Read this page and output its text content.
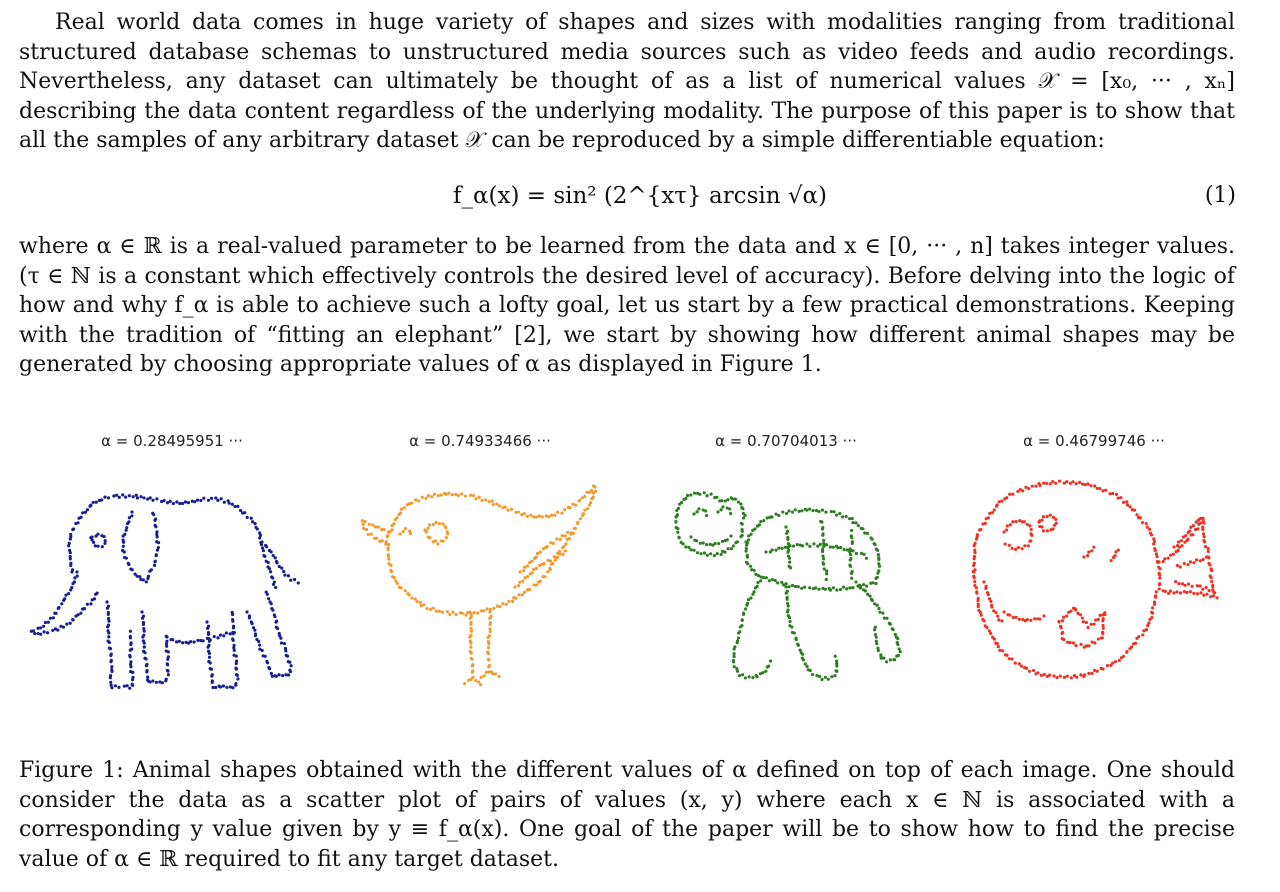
Real world data comes in huge variety of shapes and sizes with modalities ranging from traditional structured database schemas to unstructured media sources such as video feeds and audio recordings. Nevertheless, any dataset can ultimately be thought of as a list of numerical values 𝒳 = [x₀, ··· , xₙ] describing the data content regardless of the underlying modality. The purpose of this paper is to show that all the samples of any arbitrary dataset 𝒳 can be reproduced by a simple differentiable equation:
f_α(x) = sin² (2^{xτ} arcsin √α)	(1)
where α ∈ ℝ is a real-valued parameter to be learned from the data and x ∈ [0, ··· , n] takes integer values. (τ ∈ ℕ is a constant which effectively controls the desired level of accuracy). Before delving into the logic of how and why f_α is able to achieve such a lofty goal, let us start by a few practical demonstrations. Keeping with the tradition of “fitting an elephant” [2], we start by showing how different animal shapes may be generated by choosing appropriate values of α as displayed in Figure 1.
α = 0.28495951 ···	α = 0.74933466 ···	α = 0.70704013 ···	α = 0.46799746 ···
Figure 1: Animal shapes obtained with the different values of α defined on top of each image. One should consider the data as a scatter plot of pairs of values (x, y) where each x ∈ ℕ is associated with a corresponding y value given by y ≡ f_α(x). One goal of the paper will be to show how to find the precise value of α ∈ ℝ required to fit any target dataset.
